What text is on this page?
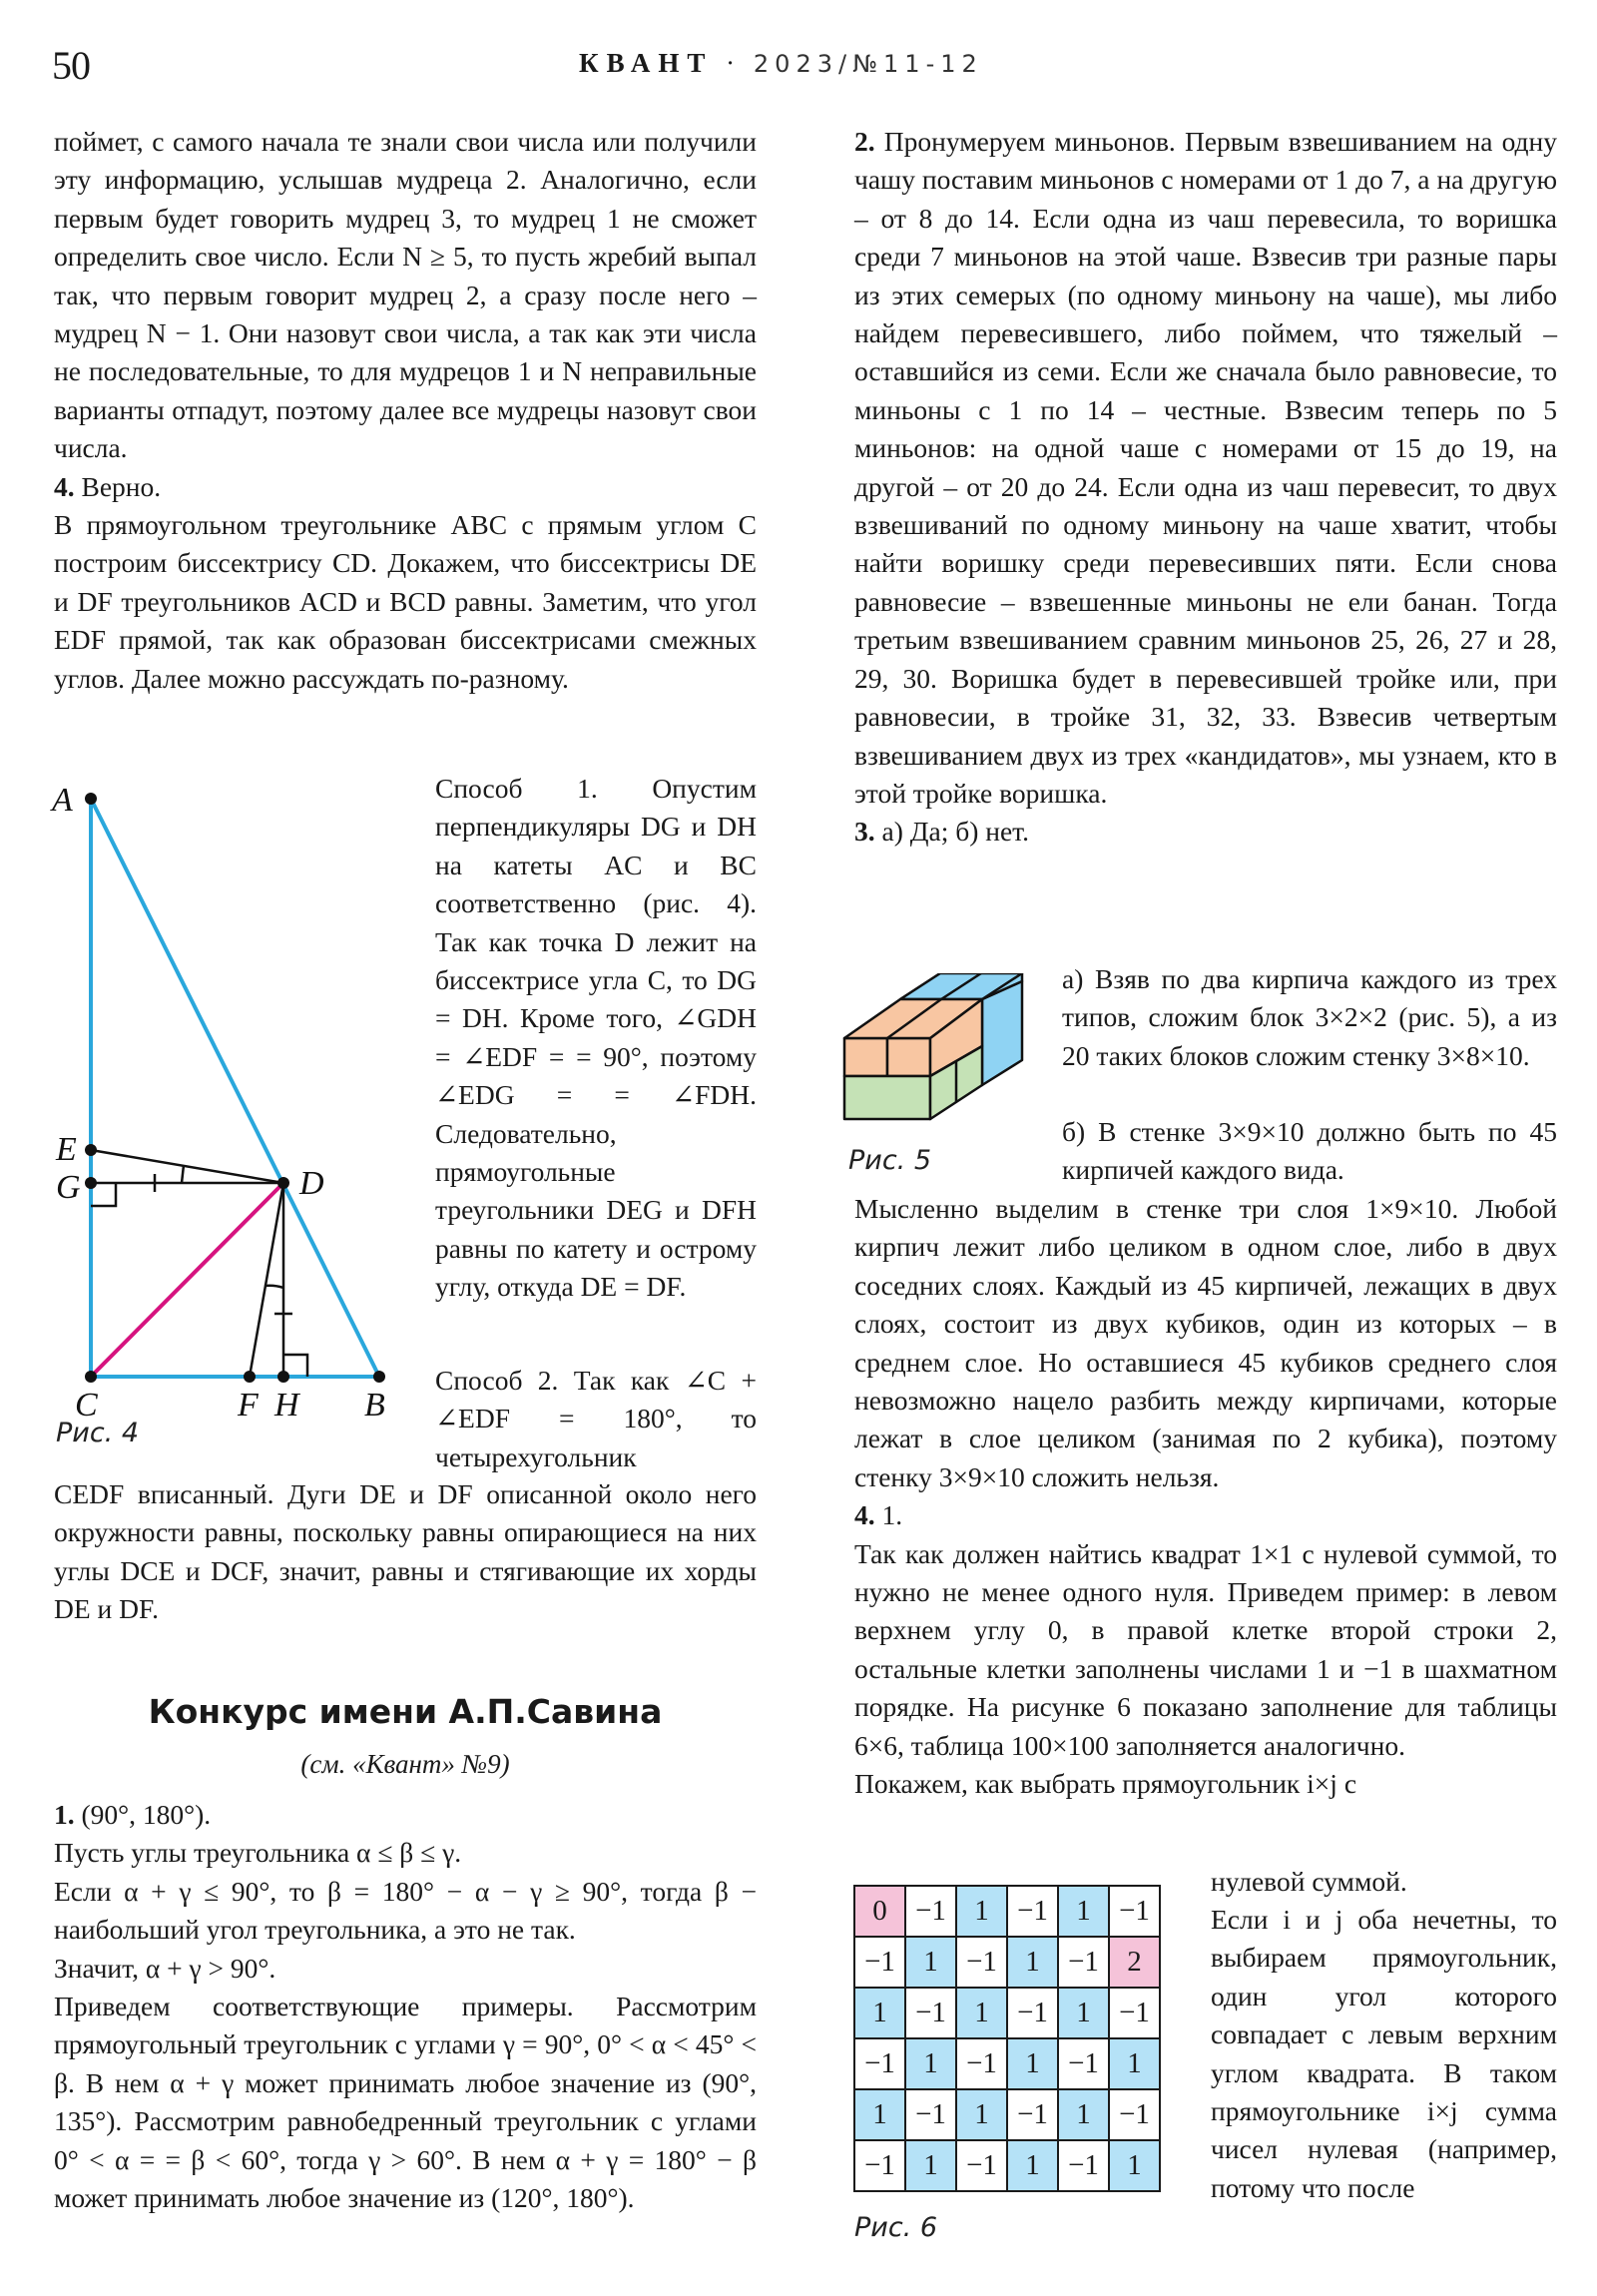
50	КВАНТ · 2023/№11-12

поймет, с самого начала те знали свои числа или получили эту информацию, услышав мудреца 2. Аналогично, если первым будет говорить мудрец 3, то мудрец 1 не сможет определить свое число. Если N ≥ 5, то пусть жребий выпал так, что первым говорит мудрец 2, а сразу после него – мудрец N − 1. Они назовут свои числа, а так как эти числа не последовательные, то для мудрецов 1 и N неправильные варианты отпадут, поэтому далее все мудрецы назовут свои числа.

4. Верно.

В прямоугольном треугольнике ABC с прямым углом C построим биссектрису CD. Докажем, что биссектрисы DE и DF треугольников ACD и BCD равны. Заметим, что угол EDF прямой, так как образован биссектрисами смежных углов. Далее можно рассуждать по-разному.

A
E
G	D
C	F H B
Рис. 4
Способ 1. Опустим перпендикуляры DG и DH на катеты AC и BC соответственно (рис. 4). Так как точка D лежит на биссектрисе угла C, то DG = DH. Кроме того, ∠GDH = ∠EDF = = 90°, поэтому ∠EDG = = ∠FDH. Следовательно, прямоугольные треугольники DEG и DFH равны по катету и острому углу, откуда DE = DF.
Способ 2. Так как ∠C + ∠EDF = 180°, то четырехугольник
CEDF вписанный. Дуги DE и DF описанной около него окружности равны, поскольку равны опирающиеся на них углы DCE и DCF, значит, равны и стягивающие их хорды DE и DF.
Конкурс имени А.П.Савина
(см. «Квант» №9)

1. (90°, 180°).

Пусть углы треугольника α ≤ β ≤ γ.

Если α + γ ≤ 90°, то β = 180° − α − γ ≥ 90°, тогда β − наибольший угол треугольника, а это не так.

Значит, α + γ > 90°.

Приведем соответствующие примеры. Рассмотрим прямоугольный треугольник с углами γ = 90°, 0° < α < 45° < β. В нем α + γ может принимать любое значение из (90°, 135°). Рассмотрим равнобедренный треугольник с углами 0° < α = = β < 60°, тогда γ > 60°. В нем α + γ = 180° − β может принимать любое значение из (120°, 180°).

2. Пронумеруем миньонов. Первым взвешиванием на одну чашу поставим миньонов с номерами от 1 до 7, а на другую – от 8 до 14. Если одна из чаш перевесила, то воришка среди 7 миньонов на этой чаше. Взвесив три разные пары из этих семерых (по одному миньону на чаше), мы либо найдем перевесившего, либо поймем, что тяжелый – оставшийся из семи. Если же сначала было равновесие, то миньоны с 1 по 14 – честные. Взвесим теперь по 5 миньонов: на одной чаше с номерами от 15 до 19, на другой – от 20 до 24. Если одна из чаш перевесит, то двух взвешиваний по одному миньону на чаше хватит, чтобы найти воришку среди перевесивших пяти. Если снова равновесие – взвешенные миньоны не ели банан. Тогда третьим взвешиванием сравним миньонов 25, 26, 27 и 28, 29, 30. Воришка будет в перевесившей тройке или, при равновесии, в тройке 31, 32, 33. Взвесив четвертым взвешиванием двух из трех «кандидатов», мы узнаем, кто в этой тройке воришка.

3. а) Да; б) нет.

Рис. 5
а) Взяв по два кирпича каждого из трех типов, сложим блок 3×2×2 (рис. 5), а из 20 таких блоков сложим стенку 3×8×10.
б) В стенке 3×9×10 должно быть по 45 кирпичей каждого вида.

Мысленно выделим в стенке три слоя 1×9×10. Любой кирпич лежит либо целиком в одном слое, либо в двух соседних слоях. Каждый из 45 кирпичей, лежащих в двух слоях, состоит из двух кубиков, один из которых – в среднем слое. Но оставшиеся 45 кубиков среднего слоя невозможно нацело разбить между кирпичами, которые лежат в слое целиком (занимая по 2 кубика), поэтому стенку 3×9×10 сложить нельзя.

4. 1.

Так как должен найтись квадрат 1×1 с нулевой суммой, то нужно не менее одного нуля. Приведем пример: в левом верхнем углу 0, в правой клетке второй строки 2, остальные клетки заполнены числами 1 и −1 в шахматном порядке. На рисунке 6 показано заполнение для таблицы 6×6, таблица 100×100 заполняется аналогично.

Покажем, как выбрать прямоугольник i×j с

нулевой суммой.
0	−1	1	−1	1	−1
−1	1	−1	1	−1	2
1	−1	1	−1	1	−1
−1	1	−1	1	−1	1
1	−1	1	−1	1	−1
−1	1	−1	1	−1	1
Рис. 6
Если i и j оба нечетны, то выбираем прямоугольник, один угол которого совпадает с левым верхним углом квадрата. В таком прямоугольнике i×j сумма чисел нулевая (например, потому что после
